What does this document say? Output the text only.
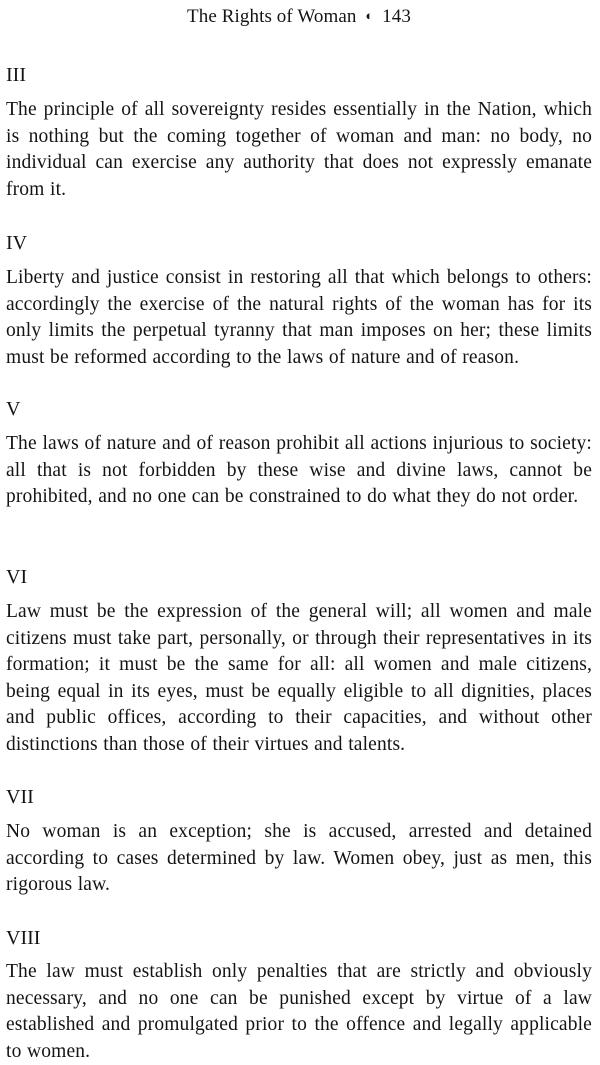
The Rights of Woman ◐ 143

III

The principle of all sovereignty resides essentially in the Nation, which is nothing but the coming together of woman and man: no body, no individual can exercise any authority that does not expressly emanate from it.

IV

Liberty and justice consist in restoring all that which belongs to others: accordingly the exercise of the natural rights of the woman has for its only limits the perpetual tyranny that man imposes on her; these limits must be reformed according to the laws of nature and of reason.

V

The laws of nature and of reason prohibit all actions injurious to society: all that is not forbidden by these wise and divine laws, cannot be prohibited, and no one can be constrained to do what they do not order.

VI

Law must be the expression of the general will; all women and male citizens must take part, personally, or through their representatives in its formation; it must be the same for all: all women and male citizens, being equal in its eyes, must be equally eligible to all dignities, places and public offices, according to their capacities, and without other distinctions than those of their virtues and talents.

VII

No woman is an exception; she is accused, arrested and detained according to cases determined by law. Women obey, just as men, this rigorous law.

VIII

The law must establish only penalties that are strictly and obviously necessary, and no one can be punished except by virtue of a law established and promulgated prior to the offence and legally applicable to women.
